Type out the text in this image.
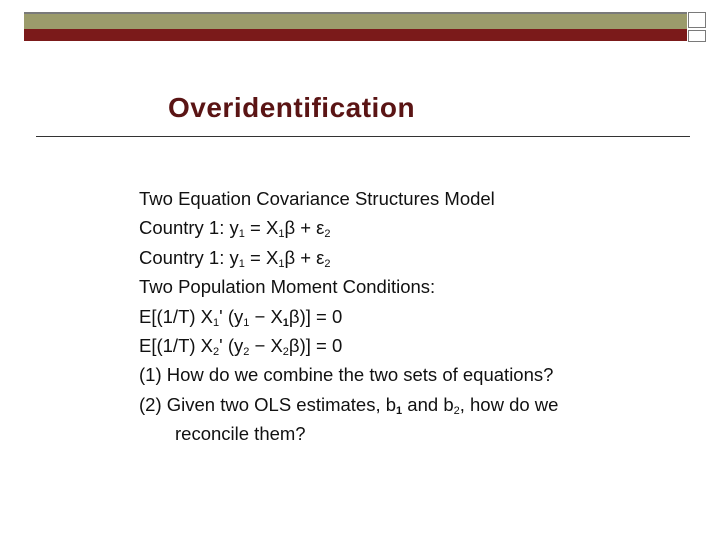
Overidentification
Two Equation Covariance Structures Model
Country 1: $y_1 = X_1\beta + \varepsilon_2$
Country 1: $y_1 = X_1\beta + \varepsilon_2$
Two Population Moment Conditions:
E[(1/T) $X_1'$ $(y_1 - X_1\beta)] = 0$
E[(1/T) $X_2'$ $(y_2 - X_2\beta)] = 0$
(1) How do we combine the two sets of equations?
(2) Given two OLS estimates, $b_1$ and $b_2$, how do we
reconcile them?
